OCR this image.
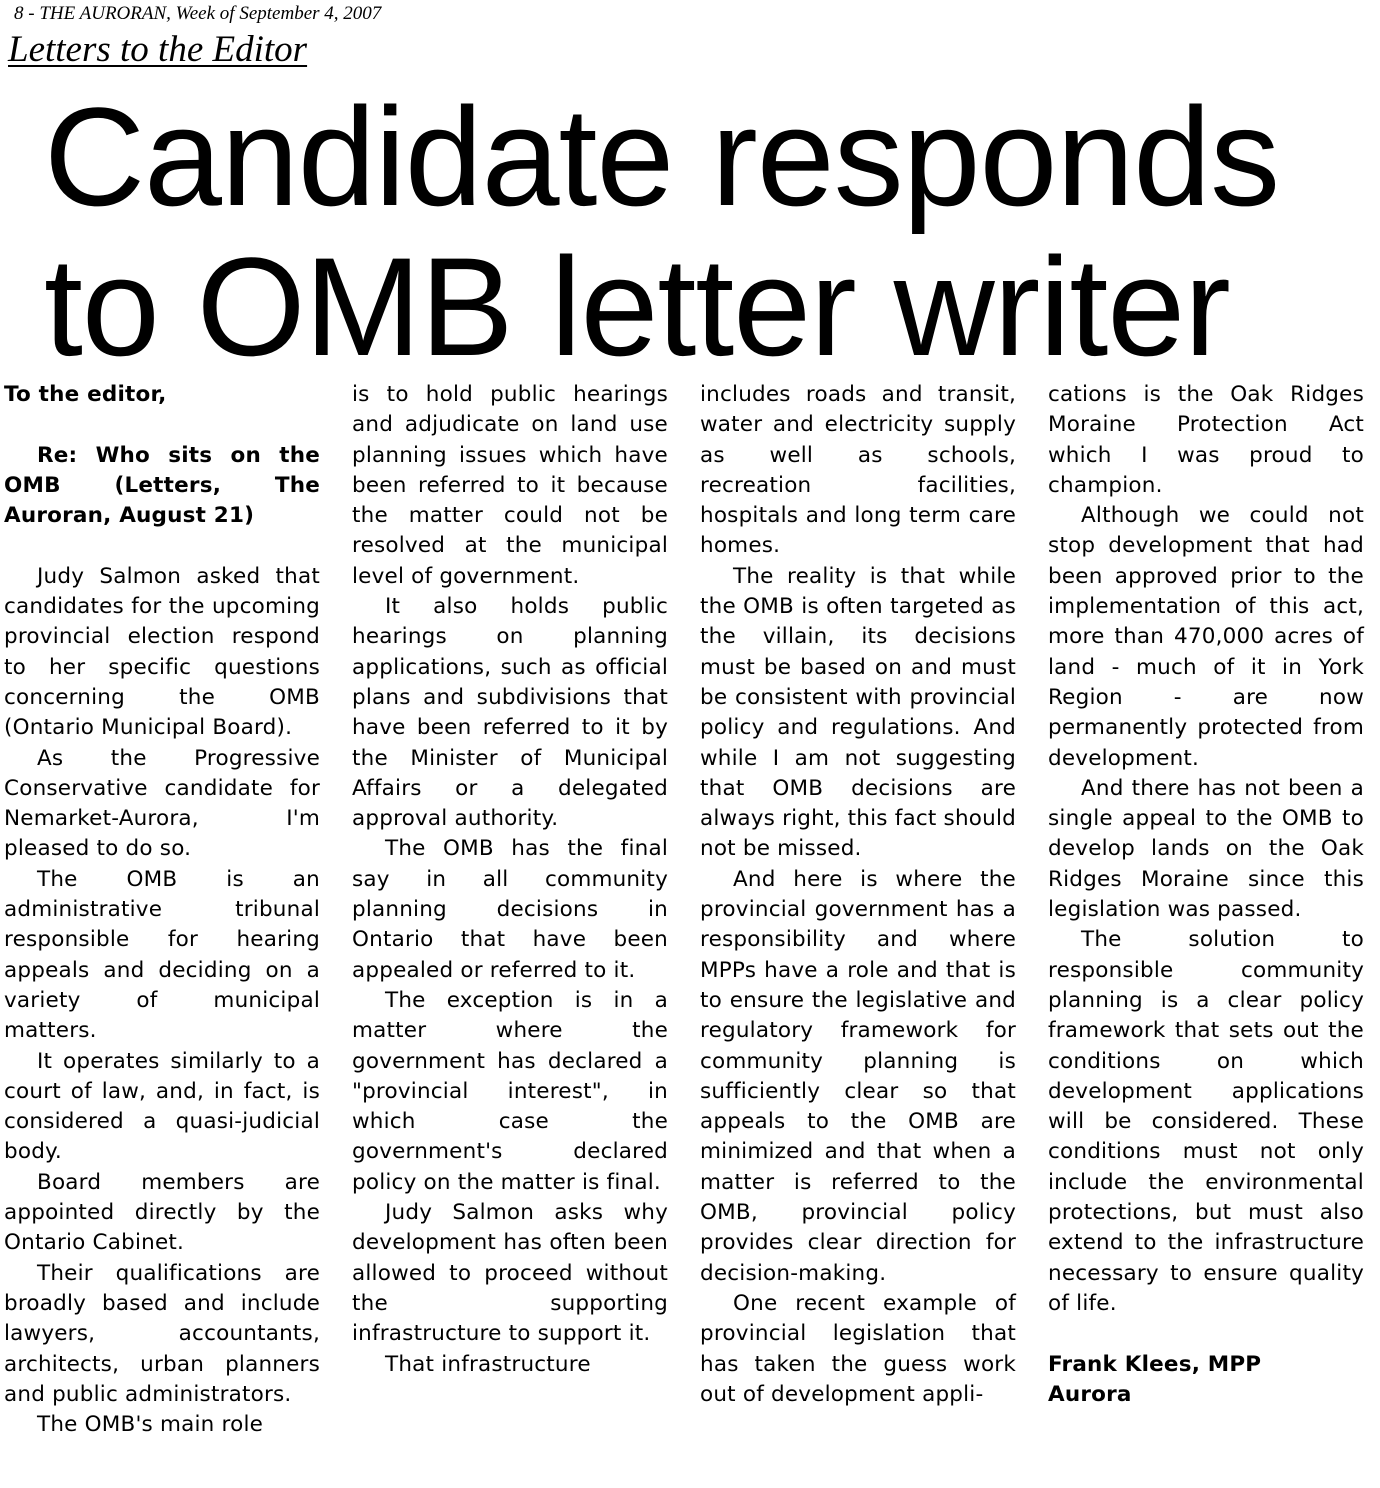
8 - THE AURORAN, Week of September 4, 2007
Letters to the Editor
Candidate responds
to OMB letter writer

To the editor,

Re: Who sits on the OMB (Letters, The Auroran, August 21)

Judy Salmon asked that candidates for the upcoming provincial election respond to her specific questions concerning the OMB (Ontario Municipal Board).

As the Progressive Conservative candidate for Nemarket-Aurora, I'm pleased to do so.

The OMB is an administrative tribunal responsible for hearing appeals and deciding on a variety of municipal matters.

It operates similarly to a court of law, and, in fact, is considered a quasi-judicial body.

Board members are appointed directly by the Ontario Cabinet.

Their qualifications are broadly based and include lawyers, accountants, architects, urban planners and public administrators.

The OMB's main role

is to hold public hearings and adjudicate on land use planning issues which have been referred to it because the matter could not be resolved at the municipal level of government.

It also holds public hearings on planning applications, such as official plans and subdivisions that have been referred to it by the Minister of Municipal Affairs or a delegated approval authority.

The OMB has the final say in all community planning decisions in Ontario that have been appealed or referred to it.

The exception is in a matter where the government has declared a "provincial interest", in which case the government's declared policy on the matter is final.

Judy Salmon asks why development has often been allowed to proceed without the supporting infrastructure to support it.

That infrastructure

includes roads and transit, water and electricity supply as well as schools, recreation facilities, hospitals and long term care homes.

The reality is that while the OMB is often targeted as the villain, its decisions must be based on and must be consistent with provincial policy and regulations. And while I am not suggesting that OMB decisions are always right, this fact should not be missed.

And here is where the provincial government has a responsibility and where MPPs have a role and that is to ensure the legislative and regulatory framework for community planning is sufficiently clear so that appeals to the OMB are minimized and that when a matter is referred to the OMB, provincial policy provides clear direction for decision-making.

One recent example of provincial legislation that has taken the guess work out of development appli-

cations is the Oak Ridges Moraine Protection Act which I was proud to champion.

Although we could not stop development that had been approved prior to the implementation of this act, more than 470,000 acres of land - much of it in York Region - are now permanently protected from development.

And there has not been a single appeal to the OMB to develop lands on the Oak Ridges Moraine since this legislation was passed.

The solution to responsible community planning is a clear policy framework that sets out the conditions on which development applications will be considered. These conditions must not only include the environmental protections, but must also extend to the infrastructure necessary to ensure quality of life.

Frank Klees, MPP

Aurora
